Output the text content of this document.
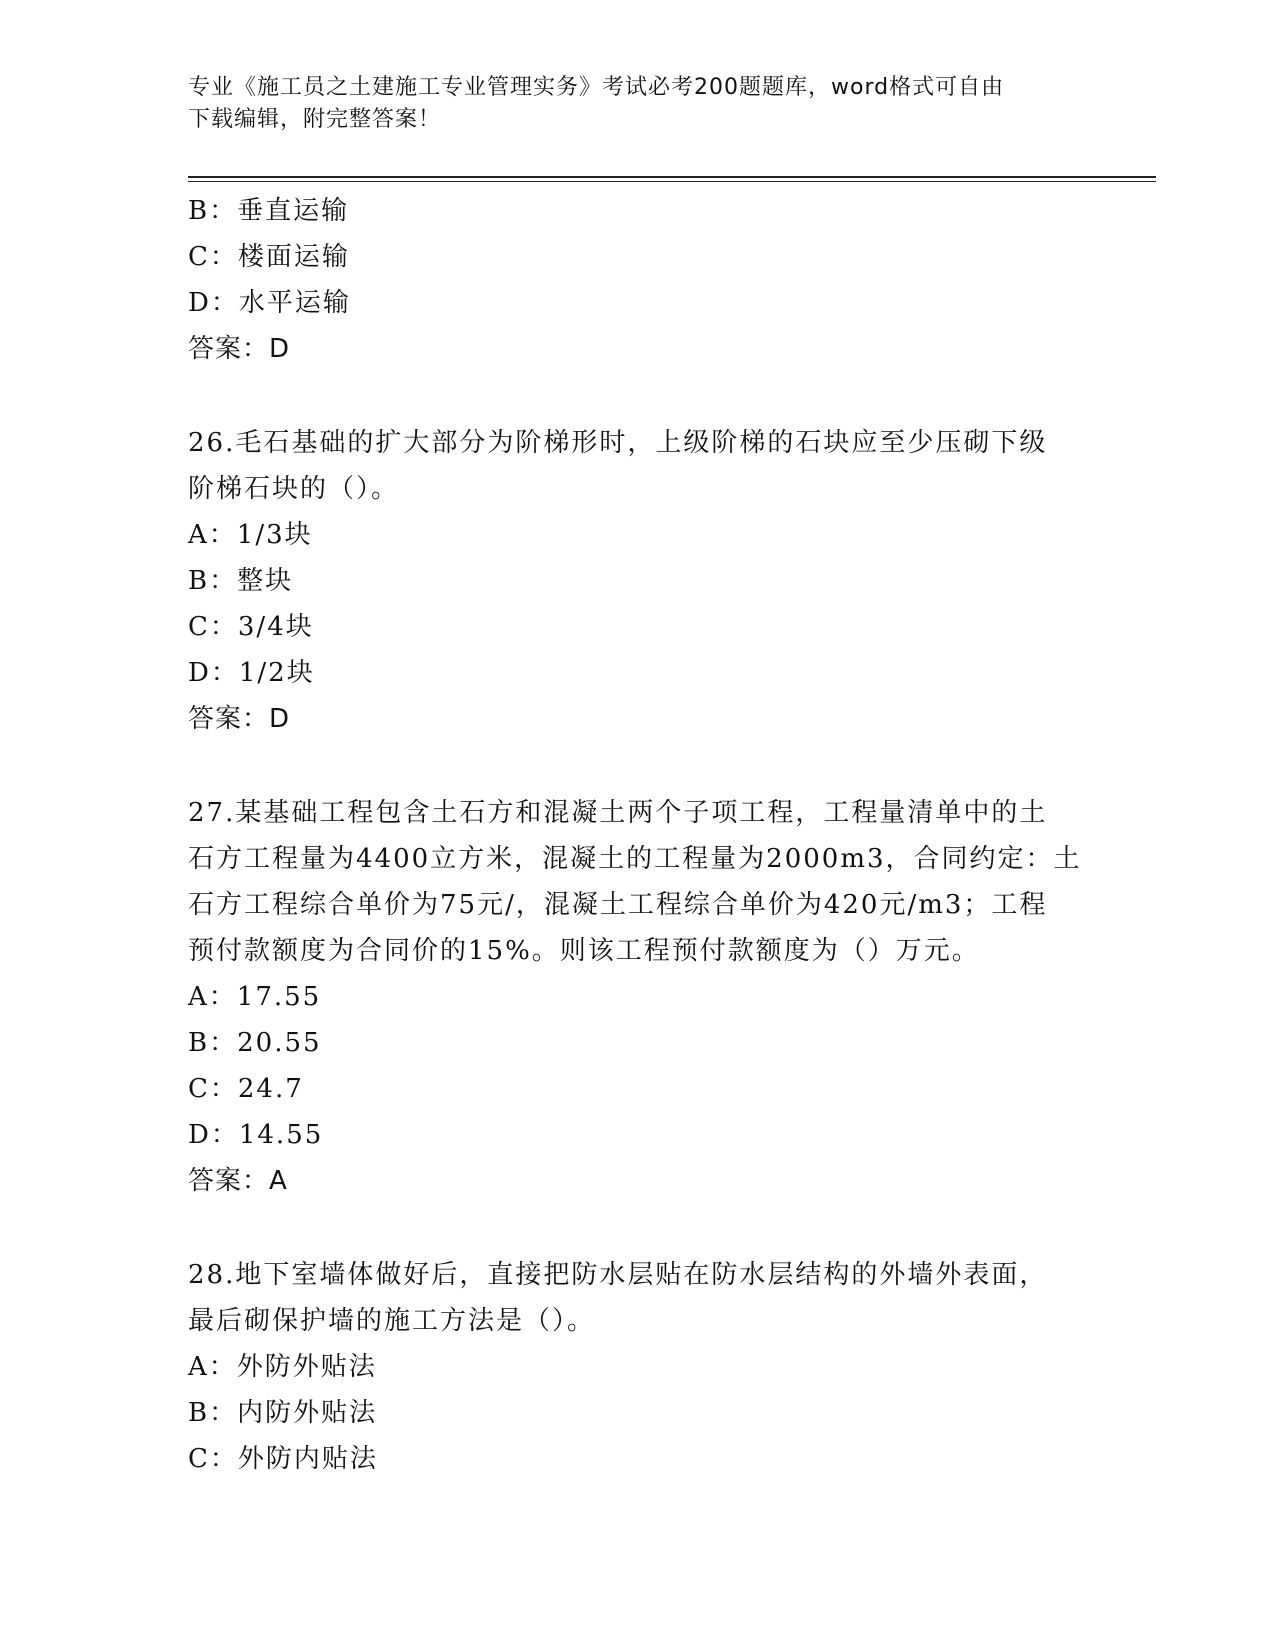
专业《施工员之土建施工专业管理实务》考试必考200题题库，word格式可自由
下载编辑，附完整答案！

B：垂直运输
C：楼面运输
D：水平运输
答案：D
26.毛石基础的扩大部分为阶梯形时，上级阶梯的石块应至少压砌下级
阶梯石块的（）。
A：1/3块
B：整块
C：3/4块
D：1/2块
答案：D
27.某基础工程包含土石方和混凝土两个子项工程，工程量清单中的土
石方工程量为4400立方米，混凝土的工程量为2000m3，合同约定：土
石方工程综合单价为75元/，混凝土工程综合单价为420元/m3；工程
预付款额度为合同价的15%。则该工程预付款额度为（）万元。
A：17.55
B：20.55
C：24.7
D：14.55
答案：A
28.地下室墙体做好后，直接把防水层贴在防水层结构的外墙外表面，
最后砌保护墙的施工方法是（）。
A：外防外贴法
B：内防外贴法
C：外防内贴法
